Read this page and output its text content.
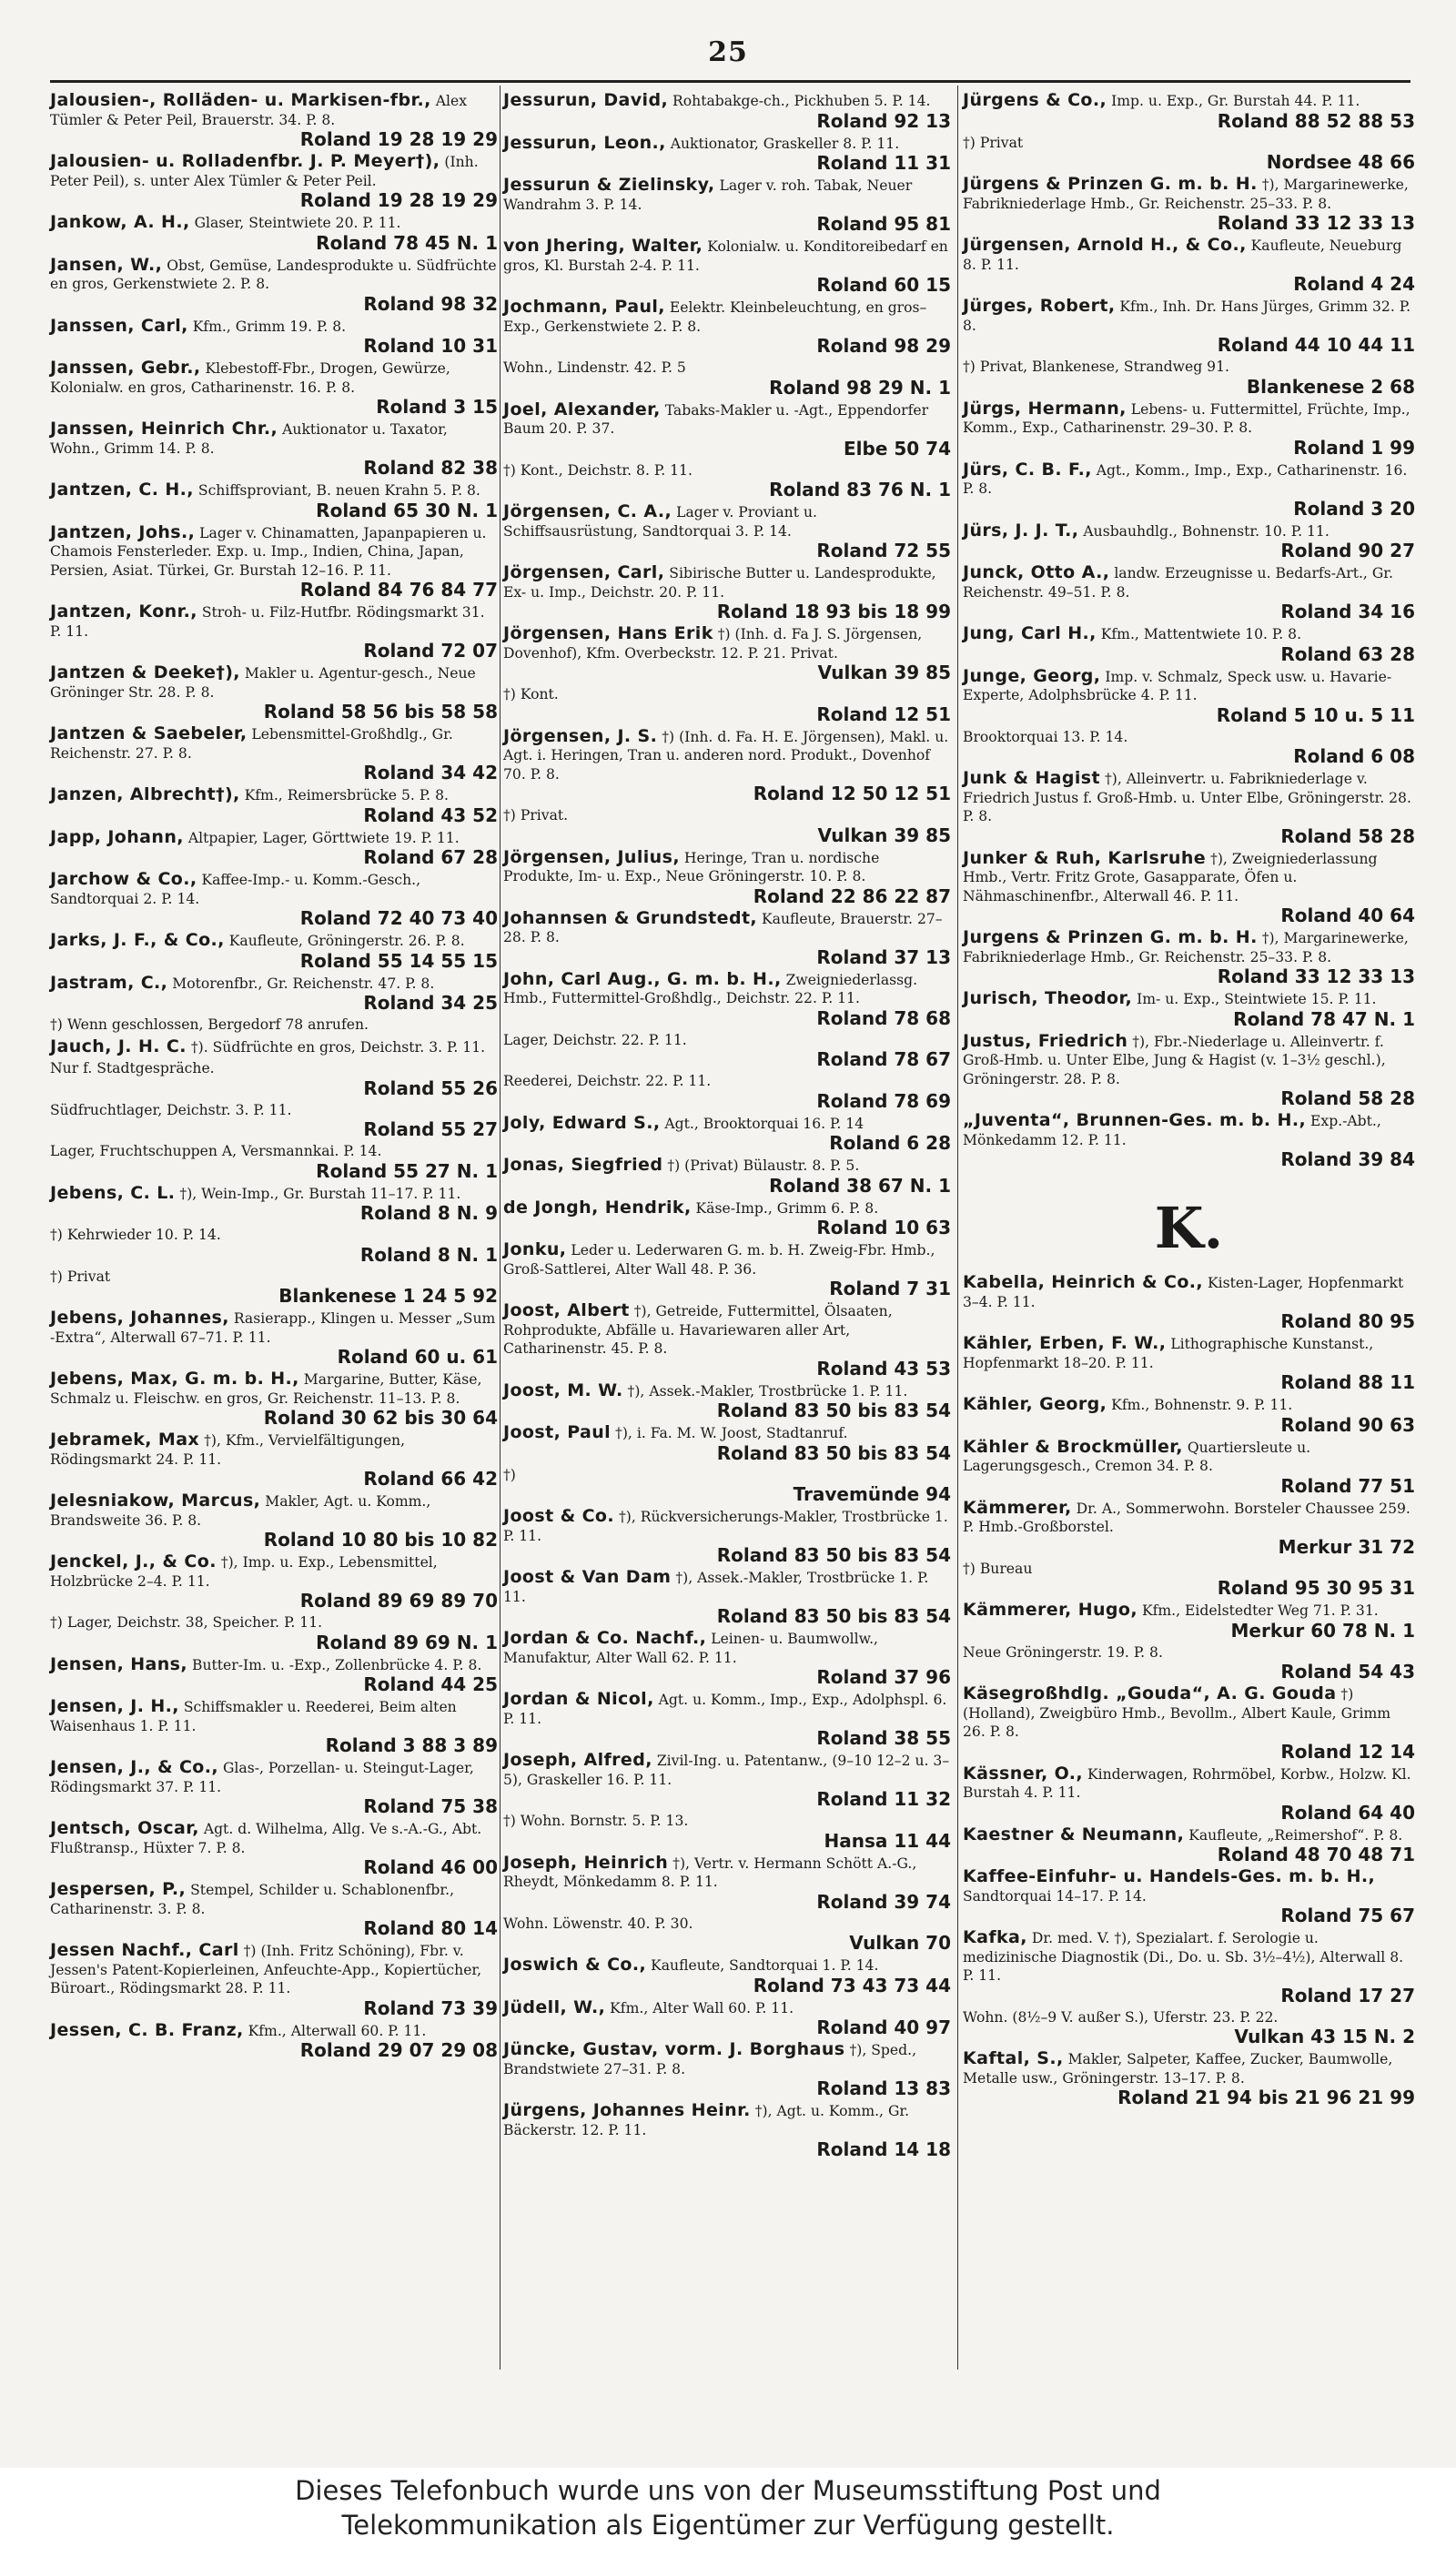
25
Jalousien-, Rolläden- u. Markisen-fbr., Alex Tümler & Peter Peil, Brauerstr. 34. P. 8.
Roland 19 28 19 29
Jalousien- u. Rolladenfbr. J. P. Meyer†), (Inh. Peter Peil), s. unter Alex Tümler & Peter Peil.
Roland 19 28 19 29
Jankow, A. H., Glaser, Steintwiete 20. P. 11.
Roland 78 45 N. 1
Jansen, W., Obst, Gemüse, Landesprodukte u. Südfrüchte en gros, Gerkenstwiete 2. P. 8.
Roland 98 32
Janssen, Carl, Kfm., Grimm 19. P. 8.
Roland 10 31
Janssen, Gebr., Klebestoff-Fbr., Drogen, Gewürze, Kolonialw. en gros, Catharinenstr. 16. P. 8.
Roland 3 15
Janssen, Heinrich Chr., Auktionator u. Taxator, Wohn., Grimm 14. P. 8.
Roland 82 38
Jantzen, C. H., Schiffsproviant, B. neuen Krahn 5. P. 8.
Roland 65 30 N. 1
Jantzen, Johs., Lager v. Chinamatten, Japanpapieren u. Chamois Fensterleder. Exp. u. Imp., Indien, China, Japan, Persien, Asiat. Türkei, Gr. Burstah 12–16. P. 11.
Roland 84 76 84 77
Jantzen, Konr., Stroh- u. Filz-Hutfbr. Rödingsmarkt 31. P. 11.
Roland 72 07
Jantzen & Deeke†), Makler u. Agentur-gesch., Neue Gröninger Str. 28. P. 8.
Roland 58 56 bis 58 58
Jantzen & Saebeler, Lebensmittel-Großhdlg., Gr. Reichenstr. 27. P. 8.
Roland 34 42
Janzen, Albrecht†), Kfm., Reimersbrücke 5. P. 8.
Roland 43 52
Japp, Johann, Altpapier, Lager, Görttwiete 19. P. 11.
Roland 67 28
Jarchow & Co., Kaffee-Imp.- u. Komm.-Gesch., Sandtorquai 2. P. 14.
Roland 72 40 73 40
Jarks, J. F., & Co., Kaufleute, Gröningerstr. 26. P. 8.
Roland 55 14 55 15
Jastram, C., Motorenfbr., Gr. Reichenstr. 47. P. 8.
Roland 34 25
†) Wenn geschlossen, Bergedorf 78 anrufen.
Jauch, J. H. C. †). Südfrüchte en gros, Deichstr. 3. P. 11.
Nur f. Stadtgespräche.
Roland 55 26
Südfruchtlager, Deichstr. 3. P. 11.
Roland 55 27
Lager, Fruchtschuppen A, Versmannkai. P. 14.
Roland 55 27 N. 1
Jebens, C. L. †), Wein-Imp., Gr. Burstah 11–17. P. 11.
Roland 8 N. 9
†) Kehrwieder 10. P. 14.
Roland 8 N. 1
†) Privat
Blankenese 1 24 5 92
Jebens, Johannes, Rasierapp., Klingen u. Messer „Sum -Extra“, Alterwall 67–71. P. 11.
Roland 60 u. 61
Jebens, Max, G. m. b. H., Margarine, Butter, Käse, Schmalz u. Fleischw. en gros, Gr. Reichenstr. 11–13. P. 8.
Roland 30 62 bis 30 64
Jebramek, Max †), Kfm., Vervielfältigungen, Rödingsmarkt 24. P. 11.
Roland 66 42
Jelesniakow, Marcus, Makler, Agt. u. Komm., Brandsweite 36. P. 8.
Roland 10 80 bis 10 82
Jenckel, J., & Co. †), Imp. u. Exp., Lebensmittel, Holzbrücke 2–4. P. 11.
Roland 89 69 89 70
†) Lager, Deichstr. 38, Speicher. P. 11.
Roland 89 69 N. 1
Jensen, Hans, Butter-Im. u. -Exp., Zollenbrücke 4. P. 8.
Roland 44 25
Jensen, J. H., Schiffsmakler u. Reederei, Beim alten Waisenhaus 1. P. 11.
Roland 3 88 3 89
Jensen, J., & Co., Glas-, Porzellan- u. Steingut-Lager, Rödingsmarkt 37. P. 11.
Roland 75 38
Jentsch, Oscar, Agt. d. Wilhelma, Allg. Ve s.-A.-G., Abt. Flußtransp., Hüxter 7. P. 8.
Roland 46 00
Jespersen, P., Stempel, Schilder u. Schablonenfbr., Catharinenstr. 3. P. 8.
Roland 80 14
Jessen Nachf., Carl †) (Inh. Fritz Schöning), Fbr. v. Jessen's Patent-Kopierleinen, Anfeuchte-App., Kopiertücher, Büroart., Rödingsmarkt 28. P. 11.
Roland 73 39
Jessen, C. B. Franz, Kfm., Alterwall 60. P. 11.
Roland 29 07 29 08
Jessurun, David, Rohtabakge-ch., Pickhuben 5. P. 14.
Roland 92 13
Jessurun, Leon., Auktionator, Graskeller 8. P. 11.
Roland 11 31
Jessurun & Zielinsky, Lager v. roh. Tabak, Neuer Wandrahm 3. P. 14.
Roland 95 81
von Jhering, Walter, Kolonialw. u. Konditoreibedarf en gros, Kl. Burstah 2-4. P. 11.
Roland 60 15
Jochmann, Paul, Eelektr. Kleinbeleuchtung, en gros–Exp., Gerkenstwiete 2. P. 8.
Roland 98 29
Wohn., Lindenstr. 42. P. 5
Roland 98 29 N. 1
Joel, Alexander, Tabaks-Makler u. -Agt., Eppendorfer Baum 20. P. 37.
Elbe 50 74
†) Kont., Deichstr. 8. P. 11.
Roland 83 76 N. 1
Jörgensen, C. A., Lager v. Proviant u. Schiffsausrüstung, Sandtorquai 3. P. 14.
Roland 72 55
Jörgensen, Carl, Sibirische Butter u. Landesprodukte, Ex- u. Imp., Deichstr. 20. P. 11.
Roland 18 93 bis 18 99
Jörgensen, Hans Erik †) (Inh. d. Fa J. S. Jörgensen, Dovenhof), Kfm. Overbeckstr. 12. P. 21. Privat.
Vulkan 39 85
†) Kont.
Roland 12 51
Jörgensen, J. S. †) (Inh. d. Fa. H. E. Jörgensen), Makl. u. Agt. i. Heringen, Tran u. anderen nord. Produkt., Dovenhof 70. P. 8.
Roland 12 50 12 51
†) Privat.
Vulkan 39 85
Jörgensen, Julius, Heringe, Tran u. nordische Produkte, Im- u. Exp., Neue Gröningerstr. 10. P. 8.
Roland 22 86 22 87
Johannsen & Grundstedt, Kaufleute, Brauerstr. 27–28. P. 8.
Roland 37 13
John, Carl Aug., G. m. b. H., Zweigniederlassg. Hmb., Futtermittel-Großhdlg., Deichstr. 22. P. 11.
Roland 78 68
Lager, Deichstr. 22. P. 11.
Roland 78 67
Reederei, Deichstr. 22. P. 11.
Roland 78 69
Joly, Edward S., Agt., Brooktorquai 16. P. 14
Roland 6 28
Jonas, Siegfried †) (Privat) Bülaustr. 8. P. 5.
Roland 38 67 N. 1
de Jongh, Hendrik, Käse-Imp., Grimm 6. P. 8.
Roland 10 63
Jonku, Leder u. Lederwaren G. m. b. H. Zweig-Fbr. Hmb., Groß-Sattlerei, Alter Wall 48. P. 36.
Roland 7 31
Joost, Albert †), Getreide, Futtermittel, Ölsaaten, Rohprodukte, Abfälle u. Havariewaren aller Art, Catharinenstr. 45. P. 8.
Roland 43 53
Joost, M. W. †), Assek.-Makler, Trostbrücke 1. P. 11.
Roland 83 50 bis 83 54
Joost, Paul †), i. Fa. M. W. Joost, Stadtanruf.
Roland 83 50 bis 83 54
†)
Travemünde 94
Joost & Co. †), Rückversicherungs-Makler, Trostbrücke 1. P. 11.
Roland 83 50 bis 83 54
Joost & Van Dam †), Assek.-Makler, Trostbrücke 1. P. 11.
Roland 83 50 bis 83 54
Jordan & Co. Nachf., Leinen- u. Baumwollw., Manufaktur, Alter Wall 62. P. 11.
Roland 37 96
Jordan & Nicol, Agt. u. Komm., Imp., Exp., Adolphspl. 6. P. 11.
Roland 38 55
Joseph, Alfred, Zivil-Ing. u. Patentanw., (9–10 12–2 u. 3–5), Graskeller 16. P. 11.
Roland 11 32
†) Wohn. Bornstr. 5. P. 13.
Hansa 11 44
Joseph, Heinrich †), Vertr. v. Hermann Schött A.-G., Rheydt, Mönkedamm 8. P. 11.
Roland 39 74
Wohn. Löwenstr. 40. P. 30.
Vulkan 70
Joswich & Co., Kaufleute, Sandtorquai 1. P. 14.
Roland 73 43 73 44
Jüdell, W., Kfm., Alter Wall 60. P. 11.
Roland 40 97
Jüncke, Gustav, vorm. J. Borghaus †), Sped., Brandstwiete 27–31. P. 8.
Roland 13 83
Jürgens, Johannes Heinr. †), Agt. u. Komm., Gr. Bäckerstr. 12. P. 11.
Roland 14 18
Jürgens & Co., Imp. u. Exp., Gr. Burstah 44. P. 11.
Roland 88 52 88 53
†) Privat
Nordsee 48 66
Jürgens & Prinzen G. m. b. H. †), Margarinewerke, Fabrikniederlage Hmb., Gr. Reichenstr. 25–33. P. 8.
Roland 33 12 33 13
Jürgensen, Arnold H., & Co., Kaufleute, Neueburg 8. P. 11.
Roland 4 24
Jürges, Robert, Kfm., Inh. Dr. Hans Jürges, Grimm 32. P. 8.
Roland 44 10 44 11
†) Privat, Blankenese, Strandweg 91.
Blankenese 2 68
Jürgs, Hermann, Lebens- u. Futtermittel, Früchte, Imp., Komm., Exp., Catharinenstr. 29–30. P. 8.
Roland 1 99
Jürs, C. B. F., Agt., Komm., Imp., Exp., Catharinenstr. 16. P. 8.
Roland 3 20
Jürs, J. J. T., Ausbauhdlg., Bohnenstr. 10. P. 11.
Roland 90 27
Junck, Otto A., landw. Erzeugnisse u. Bedarfs-Art., Gr. Reichenstr. 49–51. P. 8.
Roland 34 16
Jung, Carl H., Kfm., Mattentwiete 10. P. 8.
Roland 63 28
Junge, Georg, Imp. v. Schmalz, Speck usw. u. Havarie-Experte, Adolphsbrücke 4. P. 11.
Roland 5 10 u. 5 11
Brooktorquai 13. P. 14.
Roland 6 08
Junk & Hagist †), Alleinvertr. u. Fabrikniederlage v. Friedrich Justus f. Groß-Hmb. u. Unter Elbe, Gröningerstr. 28. P. 8.
Roland 58 28
Junker & Ruh, Karlsruhe †), Zweigniederlassung Hmb., Vertr. Fritz Grote, Gasapparate, Öfen u. Nähmaschinenfbr., Alterwall 46. P. 11.
Roland 40 64
Jurgens & Prinzen G. m. b. H. †), Margarinewerke, Fabrikniederlage Hmb., Gr. Reichenstr. 25–33. P. 8.
Roland 33 12 33 13
Jurisch, Theodor, Im- u. Exp., Steintwiete 15. P. 11.
Roland 78 47 N. 1
Justus, Friedrich †), Fbr.-Niederlage u. Alleinvertr. f. Groß-Hmb. u. Unter Elbe, Jung & Hagist (v. 1–3½ geschl.), Gröningerstr. 28. P. 8.
Roland 58 28
„Juventa“, Brunnen-Ges. m. b. H., Exp.-Abt., Mönkedamm 12. P. 11.
Roland 39 84
K.
Kabella, Heinrich & Co., Kisten-Lager, Hopfenmarkt 3–4. P. 11.
Roland 80 95
Kähler, Erben, F. W., Lithographische Kunstanst., Hopfenmarkt 18–20. P. 11.
Roland 88 11
Kähler, Georg, Kfm., Bohnenstr. 9. P. 11.
Roland 90 63
Kähler & Brockmüller, Quartiersleute u. Lagerungsgesch., Cremon 34. P. 8.
Roland 77 51
Kämmerer, Dr. A., Sommerwohn. Borsteler Chaussee 259. P. Hmb.-Großborstel.
Merkur 31 72
†) Bureau
Roland 95 30 95 31
Kämmerer, Hugo, Kfm., Eidelstedter Weg 71. P. 31.
Merkur 60 78 N. 1
Neue Gröningerstr. 19. P. 8.
Roland 54 43
Käsegroßhdlg. „Gouda“, A. G. Gouda †) (Holland), Zweigbüro Hmb., Bevollm., Albert Kaule, Grimm 26. P. 8.
Roland 12 14
Kässner, O., Kinderwagen, Rohrmöbel, Korbw., Holzw. Kl. Burstah 4. P. 11.
Roland 64 40
Kaestner & Neumann, Kaufleute, „Reimershof“. P. 8.
Roland 48 70 48 71
Kaffee-Einfuhr- u. Handels-Ges. m. b. H., Sandtorquai 14–17. P. 14.
Roland 75 67
Kafka, Dr. med. V. †), Spezialart. f. Serologie u. medizinische Diagnostik (Di., Do. u. Sb. 3½–4½), Alterwall 8. P. 11.
Roland 17 27
Wohn. (8½–9 V. außer S.), Uferstr. 23. P. 22.
Vulkan 43 15 N. 2
Kaftal, S., Makler, Salpeter, Kaffee, Zucker, Baumwolle, Metalle usw., Gröningerstr. 13–17. P. 8.
Roland 21 94 bis 21 96 21 99
Dieses Telefonbuch wurde uns von der Museumsstiftung Post und
Telekommunikation als Eigentümer zur Verfügung gestellt.
